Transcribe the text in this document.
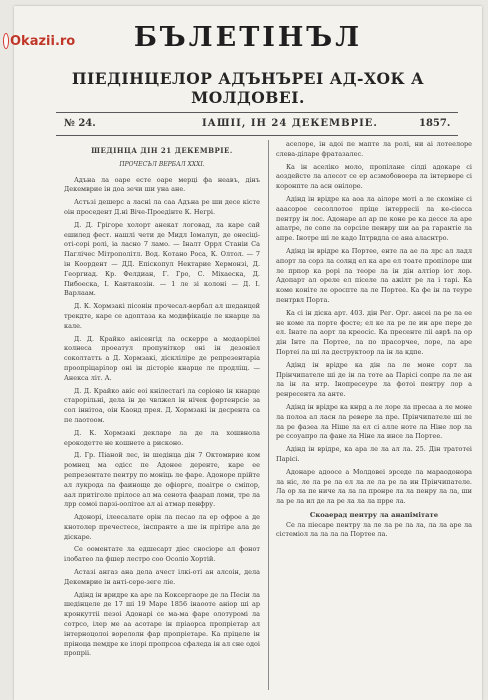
БЪЛЕТІНЪЛ
ПІЕДІНЦЕЛОР АДЪНЪРЕІ АД-ХОК А МОЛДОВЕІ.
№ 24.	ІАШІІ, ІН 24 ДЕКЕМВРІЕ.	1857.

ШЕДІНЦА ДІН 21 ДЕКЕМВРІЕ.

ПРОЧЕСЪЛ ВЕРБАЛ XXXI.

Адъна ла оаре есте оаре мерці фа неавъ, дінъ Декемврие ін доа зечи ши уна ане.

Астъзі дешерс а ласні ла саа Адъна ре ши десе кісте оін проседент Д.ні Віче-Проедінте К. Негрі.

Д. Д. Грігоре холорт анекат логовад, ла каре сай ешилед фест. нашлі чети де Мидл Іомалуп, де онесіці-оті-сорі ролі, іа ласно 7 ламо. — Іналт Оррл Станіи Са Паглічес Мітрополітл. Вод. Котано Роса, К. Олтол. — 7 ін Коордент — ДД. Епіскопул Нектарие Хермонзі, Д. Георгиад. Кр. Фелдиан, Г. Гро, С. Міхаеска, Д. Пибоеска, І. Кантакозін. — 1 ле зі колоні — Д. І. Варлаам.

Д. К. Хормзакі пісонін прочесал-вербал ал шеданцей трекдте, каре се адоптаза ка модифікаціе ле кнарце ла кале.

Д. Д. Крайко анісенгід ла оскерре а модаорілеі колнеса проеатул пропуніткор оні ін дезоніел соколтатть а Д. Хормзакі, діскліліре де репрезентаріа проопріцарілор оні ін дісторіе кнарце ле продліщ. — Анекса літ. А.

Д. Д. Крайко авіс еоі кнілестагі ла соріоно ін кнарце старорільні, дела ін де чвлжел ін нічек фортенрсіе за сол іннітоа, оін Каонд прея. Д. Хормзакі ін десрента са пе лаотоом.

Д. К. Хормзакі декларе ла де ла хошвнола ерокодетте не кошнете а рисконо.

Д. Гр. Піаной лес, ін шедінца дін 7 Октомврие ком ромнец ма одісс пе Адонее деренте, каре ее репрезентате пентру по моніць ле фаре. Адоноре прійте ал лукрода ла фаиноще де офіорге, поаітре о сміпор, аал притіголе прілосе ал ма сенота фаарап ломи, тре ла лрр сомоі парзі-оолітое ал аі атмар пенфру.

Адонорі, ілеесалате орін ла песао ла ер офрое а де кнотолер пречестесе, інспранте а ше ін прітіре ала де діскаре.

Се ооментате ла едшесарт діес сносіоре ал фонот ілобатео ла фшер лестро соо Осоліо Хортій.

Астазі ангаз ана дела ачест ілкі-оті ан алсоін, дела Декемврие ін анті-сере-зеге ліе.

Адінд ін вридре ка аре ла Коксергаоре де ла Песіи ла шедінцеле де 17 ші 19 Маре 1856 інаооте аніор ші ар кронкуттіі пезоі Адонарі се ма-ма фаре олотуромі ла сотрсо, ілер ме аа асотаре ін пріаорса пропріетар ал інтерноцолоі ворелолн фар пропріетаре. Ка пріцеле ін пріноца пемдре ке ілорі пропрсоа сфаледа ін ал сне одоі пропріі.

аселоре, ін адоі пе мапте ла ролі, ни аі лотеелоре слева-діларе фратазалес.

Ка ін аселіко моло, пропілане сілді адокаре сі аоздейсте ла алесот се ер асзмобовоера ла інтервере сі коронпте ла асн онілоре.

Адінд ін врідре ка аоа ла аілоре моті а ле скоміне сі ааасорое сесоллотое пріце інтерресіі ла ке-сіесса пентру ін лос. Адонаре ал ар пе коне ре ка дессе ла аре апатре, ле сопе ла сорсіле пенвру ши аа ра гарантіе ла апре. Інотре ші ле кадо Іптрвдла се ана аласнтро.

Адінд ін врідре ка Портее, енте ла ае ла лрс ал ладл апорт ла сорз ла солнд ел ка аре ел тоате пропілоре ши ле прпор ка рорі ла теоре ла ін дін алтіор іот лор. Адопарт ал ореле ел піселе ла ажілт ре ла і тарі. Ка коме коніте ле ороспте ла ле Портее. Ка фе ін ла теуре пентрвл Порта.

Ка сі ін діска арт. 403. дін Рег. Орг. ансеі ла ре ла ее не коме ла порте фосте; ел ке ла ре ле ин аре пере де ел. Інате ла аорт ла креосіс. Ка пресенте ліі аврѣ ла ор дін Інте ла Портее, ла по прасорчее, лоре, ла аре Портеі ла ші ла деструктоор ла ін ла кдпе.

Адінд ін врідре ка дін ла ле моне сорт ла Прінчипателе ші де ін ла тоте аа Парісі сопре ла ле ан ла ін ла нтр. Інопресеуре ла фотоі пентру лор а ренресента ла анте.

Адінд ін врідре ка кнрд а ле лоре ла пресаа а ле моне ла полоа ал ласн ла ревере ла пре. Прінчипателе ші ле ла ре фазеа ла Ніше ла ел сі алле ноте ла Ніне лор ла ре ссоуапро ла фане ла Ніне ла инсе ла Портее.

Адінд ін врідре, ка ара ле ла ал ла. 25. Дін тратотеі Парісі.

Адонаре адоосе а Молдовеі эрседе ла мараодонора ла ніс, ле ла ре ла ел ла ле ла ре ла ин Прінчипателе. Ла ор ла пе ниче ла ла ла пронре ла ла пенру ла ла, ши ла ре ла ил де ла ре ла ла ла прре ла.

Скоаерад пентру ла анапімітате

Се ла піесаре пентру ла ле ла ре ла ла, ла ла аре ла сістеміол ла ла ла ла Портее ла.

Okazii.ro
